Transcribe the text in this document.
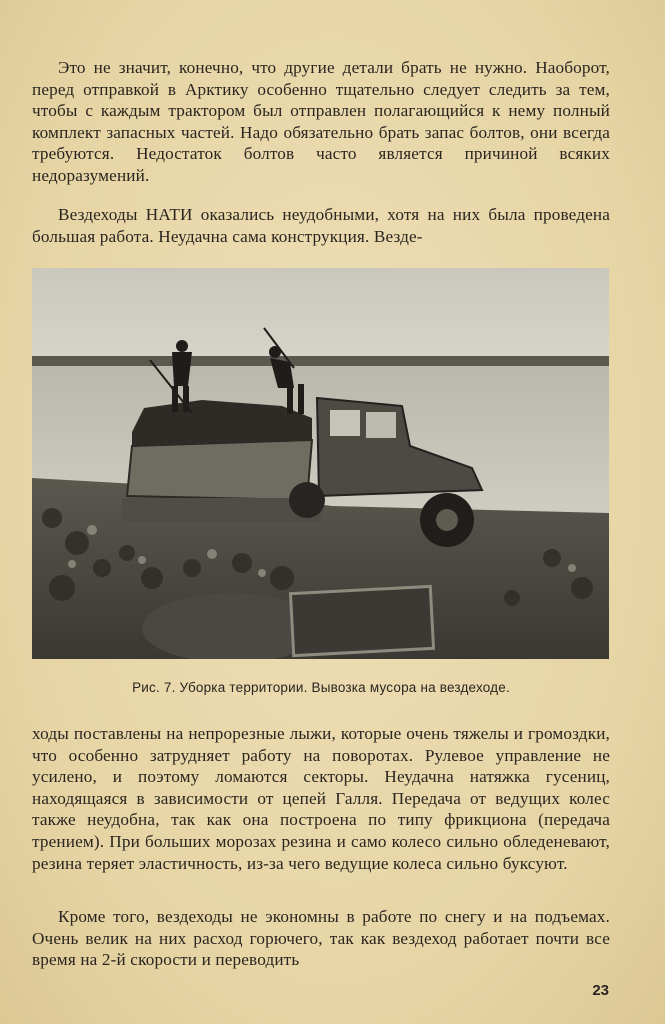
Это не значит, конечно, что другие детали брать не нужно. Наоборот, перед отправкой в Арктику особенно тщательно следует следить за тем, чтобы с каждым трактором был отправлен полагающийся к нему полный комплект запасных частей. Надо обязательно брать запас болтов, они всегда требуются. Недостаток болтов часто является причиной всяких недоразумений.

Вездеходы НАТИ оказались неудобными, хотя на них была проведена большая работа. Неудачна сама конструкция. Везде-

Рис. 7. Уборка территории. Вывозка мусора на вездеходе.

ходы поставлены на непрорезные лыжи, которые очень тяжелы и громоздки, что особенно затрудняет работу на поворотах. Рулевое управление не усилено, и поэтому ломаются секторы. Неудачна натяжка гусениц, находящаяся в зависимости от цепей Галля. Передача от ведущих колес также неудобна, так как она построена по типу фрикциона (передача трением). При больших морозах резина и само колесо сильно обледеневают, резина теряет эластичность, из-за чего ведущие колеса сильно буксуют.

Кроме того, вездеходы не экономны в работе по снегу и на подъемах. Очень велик на них расход горючего, так как вездеход работает почти все время на 2-й скорости и переводить

23
